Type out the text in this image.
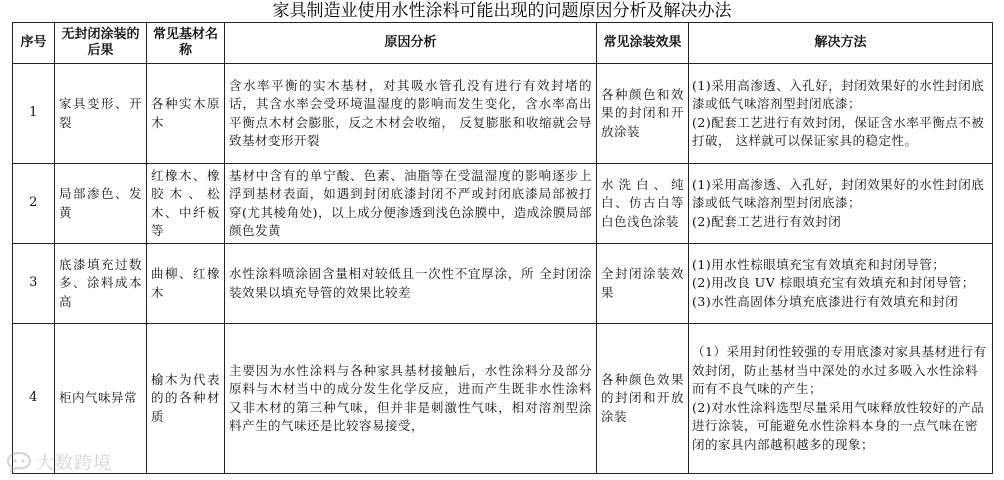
家具制造业使用水性涂料可能出现的问题原因分析及解决办法
序号	无封闭涂装的后果	常见基材名称	原因分析	常见涂装效果	解决方法
1	家具变形、开裂	各种实木原木	含水率平衡的实木基材，对其吸水管孔没有进行有效封堵的话，其含水率会受环境温湿度的影响而发生变化，含水率高出平衡点木材会膨胀，反之木材会收缩， 反复膨胀和收缩就会导致基材变形开裂	各种颜色和效果的封闭和开放涂装	(1)采用高渗透、入孔好，封闭效果好的水性封闭底漆或低气味溶剂型封闭底漆；
(2)配套工艺进行有效封闭，保证含水率平衡点不被打破， 这样就可以保证家具的稳定性。
2	局部渗色、发黄	红橡木、橡胶木、松木、中纤板等	基材中含有的单宁酸、色素、油脂等在受温湿度的影响逐步上浮到基材表面，如遇到封闭底漆封闭不严或封闭底漆局部被打穿(尤其棱角处)，以上成分便渗透到浅色涂膜中，造成涂膜局部颜色发黄	水洗白、纯白、仿古白等白色浅色涂装	(1)采用高渗透、入孔好，封闭效果好的水性封闭底漆或低气味溶剂型封闭底漆；
(2)配套工艺进行有效封闭
3	底漆填充过数多、涂料成本高	曲柳、红橡木	水性涂料喷涂固含量相对较低且一次性不宜厚涂，所 全封闭涂装效果以填充导管的效果比较差	全封闭涂装效果	(1)用水性棕眼填充宝有效填充和封闭导管；
(2)用改良 UV 棕眼填充宝有效填充和封闭导管； (3)水性高固体分填充底漆进行有效填充和封闭
4	柜内气味异常	榆木为代表的的各种材质	主要因为水性涂料与各种家具基材接触后，水性涂料分及部分原料与木材当中的成分发生化学反应，进而产生既非水性涂料又非木材的第三种气味，但并非是刺激性气味，相对溶剂型涂料产生的气味还是比较容易接受，	各种颜色效果的封闭和开放涂装	（1）采用封闭性较强的专用底漆对家具基材进行有效封闭，防止基材当中深处的水过多吸入水性涂料而有不良气味的产生；
(2)对水性涂料选型尽量采用气味释放性较好的产品进行涂装，可能避免水性涂料本身的一点气味在密闭的家具内部越积越多的现象；
大数跨境
